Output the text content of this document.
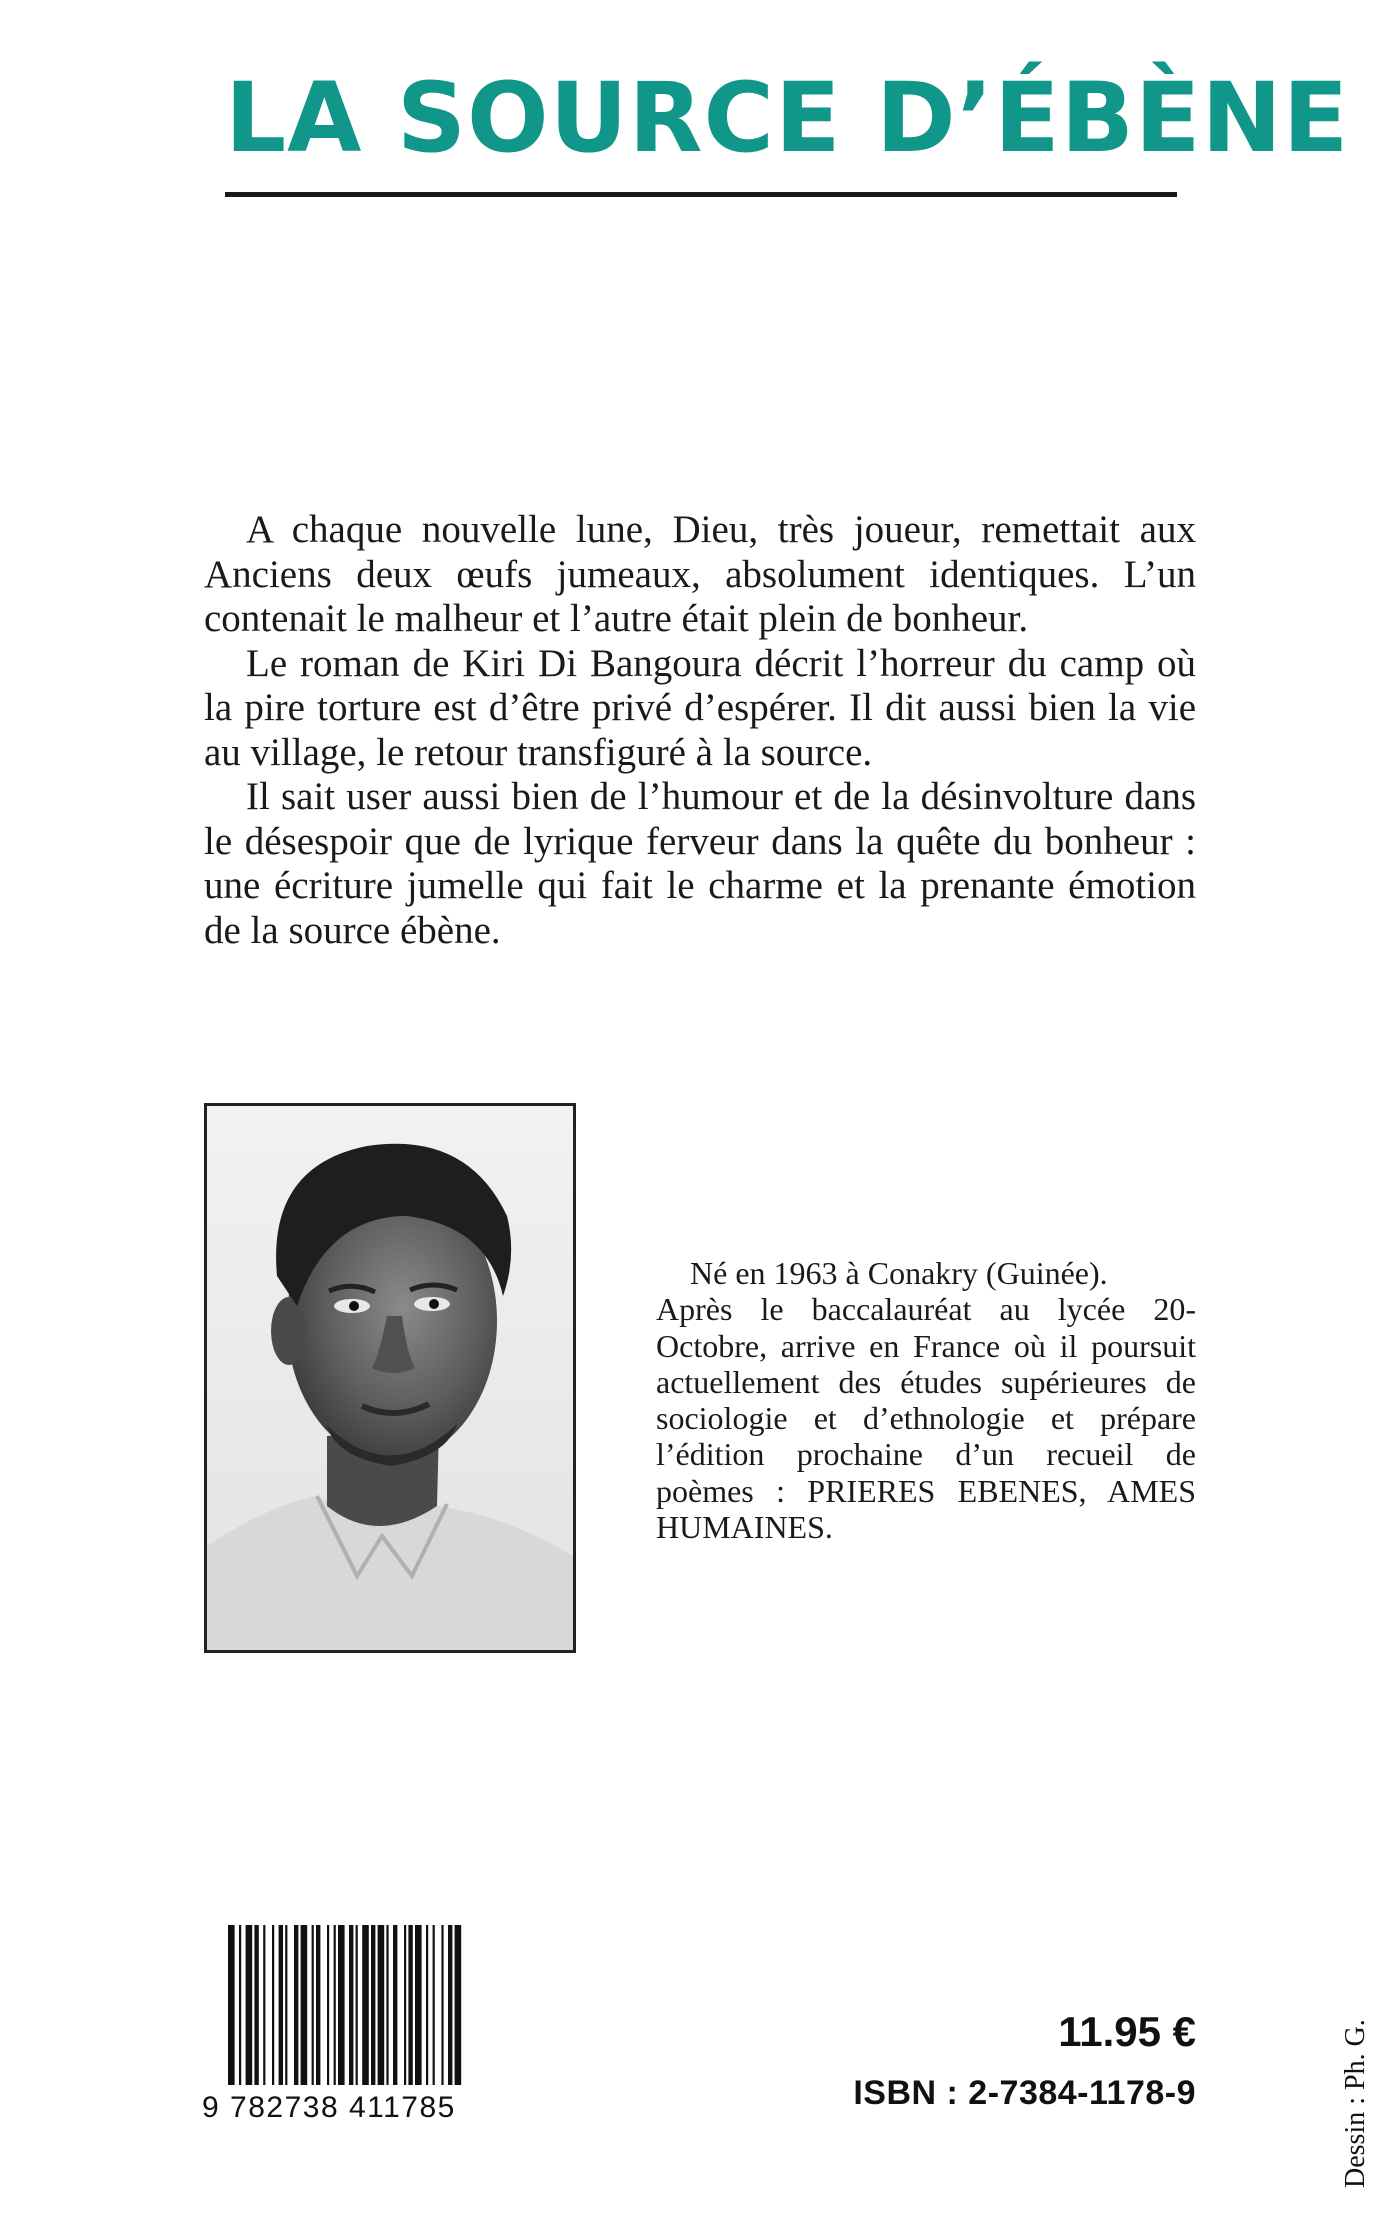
LA SOURCE D’ÉBÈNE

A chaque nouvelle lune, Dieu, très joueur, remettait aux Anciens deux œufs jumeaux, absolument identiques. L’un contenait le malheur et l’autre était plein de bonheur.

Le roman de Kiri Di Bangoura décrit l’horreur du camp où la pire torture est d’être privé d’espérer. Il dit aussi bien la vie au village, le retour transfiguré à la source.

Il sait user aussi bien de l’humour et de la désinvolture dans le désespoir que de lyrique ferveur dans la quête du bonheur : une écriture jumelle qui fait le charme et la prenante émotion de la source ébène.

Né en 1963 à Conakry (Guinée).
Après le baccalauréat au lycée 20-Octobre, arrive en France où il poursuit actuellement des études supérieures de sociologie et d’ethnologie et prépare l’édition prochaine d’un recueil de poèmes : PRIERES EBENES, AMES HUMAINES.
9 782738 411785
11.95 €
ISBN : 2-7384-1178-9	Dessin : Ph. G.
